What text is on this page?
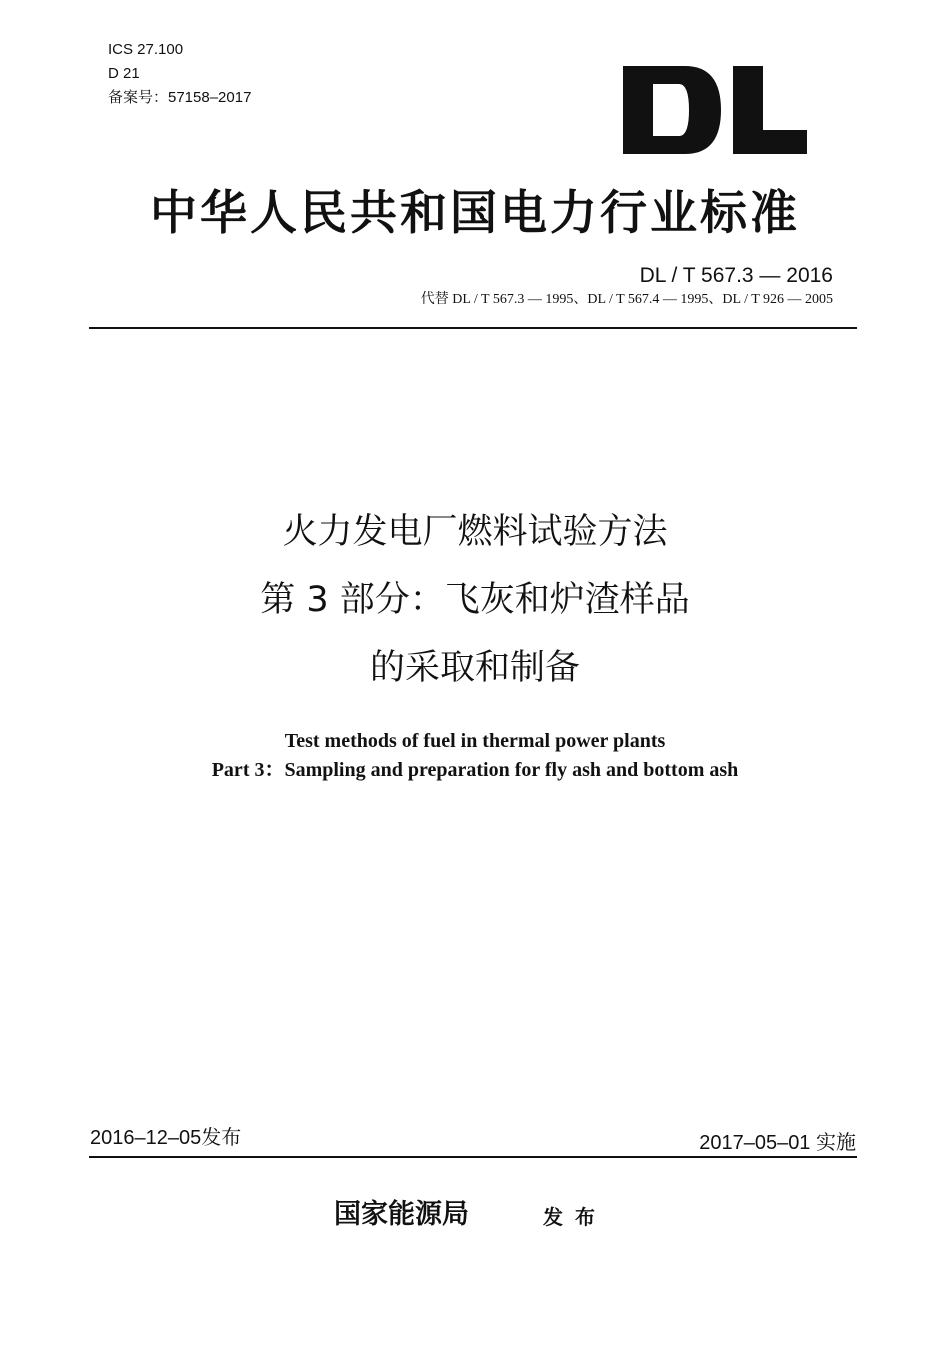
ICS 27.100
D 21
备案号：57158–2017
中华人民共和国电力行业标准
DL / T 567.3 — 2016
代替 DL / T 567.3 — 1995、DL / T 567.4 — 1995、DL / T 926 — 2005
火力发电厂燃料试验方法
第 3 部分：飞灰和炉渣样品
的采取和制备
Test methods of fuel in thermal power plants
Part 3：Sampling and preparation for fly ash and bottom ash
2016–12–05发布	2017–05–01 实施
国家能源局	发布
